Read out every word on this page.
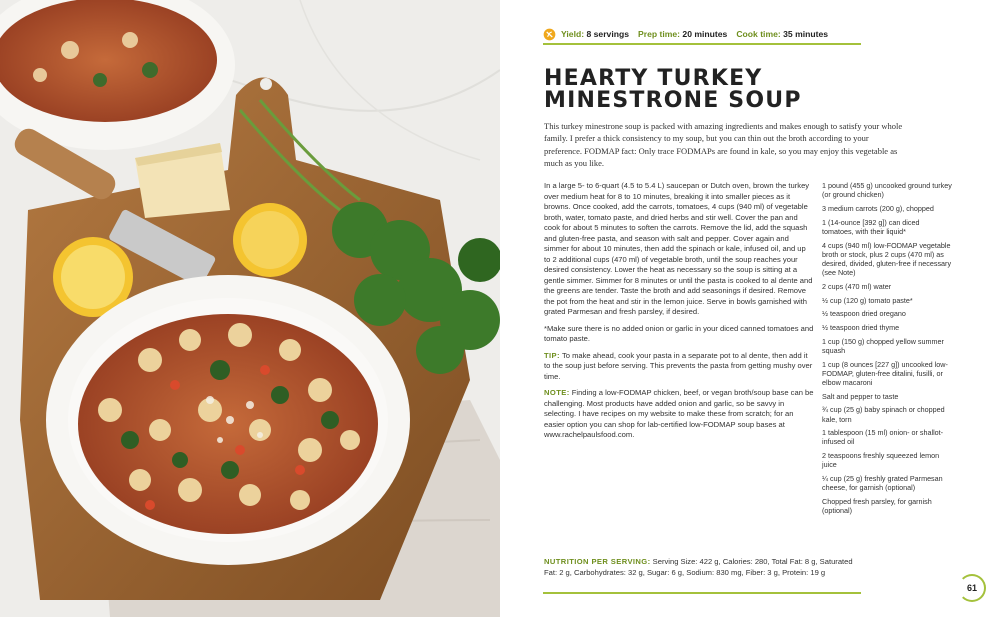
Yield: 8 servings Prep time: 20 minutes Cook time: 35 minutes
HEARTY TURKEY
MINESTRONE SOUP

This turkey minestrone soup is packed with amazing ingredients and makes enough to satisfy your whole family. I prefer a thick consistency to my soup, but you can thin out the broth according to your preference. FODMAP fact: Only trace FODMAPs are found in kale, so you may enjoy this vegetable as much as you like.

In a large 5- to 6-quart (4.5 to 5.4 L) saucepan or Dutch oven, brown the turkey over medium heat for 8 to 10 minutes, breaking it into smaller pieces as it browns. Once cooked, add the carrots, tomatoes, 4 cups (940 ml) of vegetable broth, water, tomato paste, and dried herbs and stir well. Cover the pan and cook for about 5 minutes to soften the carrots. Remove the lid, add the squash and gluten-free pasta, and season with salt and pepper. Cover again and simmer for about 10 minutes, then add the spinach or kale, infused oil, and up to 2 additional cups (470 ml) of vegetable broth, until the soup reaches your desired consistency. Lower the heat as necessary so the soup is sitting at a gentle simmer. Simmer for 8 minutes or until the pasta is cooked to al dente and the greens are tender. Taste the broth and add seasonings if desired. Remove the pot from the heat and stir in the lemon juice. Serve in bowls garnished with grated Parmesan and fresh parsley, if desired.

*Make sure there is no added onion or garlic in your diced canned tomatoes and tomato paste.

TIP: To make ahead, cook your pasta in a separate pot to al dente, then add it to the soup just before serving. This prevents the pasta from getting mushy over time.

NOTE: Finding a low-FODMAP chicken, beef, or vegan broth/soup base can be challenging. Most products have added onion and garlic, so be savvy in selecting. I have recipes on my website to make these from scratch; for an easier option you can shop for lab-certified low-FODMAP soup bases at www.rachelpaulsfood.com.

1 pound (455 g) uncooked ground turkey (or ground chicken)
3 medium carrots (200 g), chopped
1 (14-ounce [392 g]) can diced tomatoes, with their liquid*
4 cups (940 ml) low-FODMAP vegetable broth or stock, plus 2 cups (470 ml) as desired, divided, gluten-free if necessary (see Note)
2 cups (470 ml) water
½ cup (120 g) tomato paste*
½ teaspoon dried oregano
½ teaspoon dried thyme
1 cup (150 g) chopped yellow summer squash
1 cup (8 ounces [227 g]) uncooked low-FODMAP, gluten-free ditalini, fusilli, or elbow macaroni
Salt and pepper to taste
¾ cup (25 g) baby spinach or chopped kale, torn
1 tablespoon (15 ml) onion- or shallot-infused oil
2 teaspoons freshly squeezed lemon juice
¼ cup (25 g) freshly grated Parmesan cheese, for garnish (optional)
Chopped fresh parsley, for garnish (optional)

NUTRITION PER SERVING: Serving Size: 422 g, Calories: 280, Total Fat: 8 g, Saturated Fat: 2 g, Carbohydrates: 32 g, Sugar: 6 g, Sodium: 830 mg, Fiber: 3 g, Protein: 19 g

61
